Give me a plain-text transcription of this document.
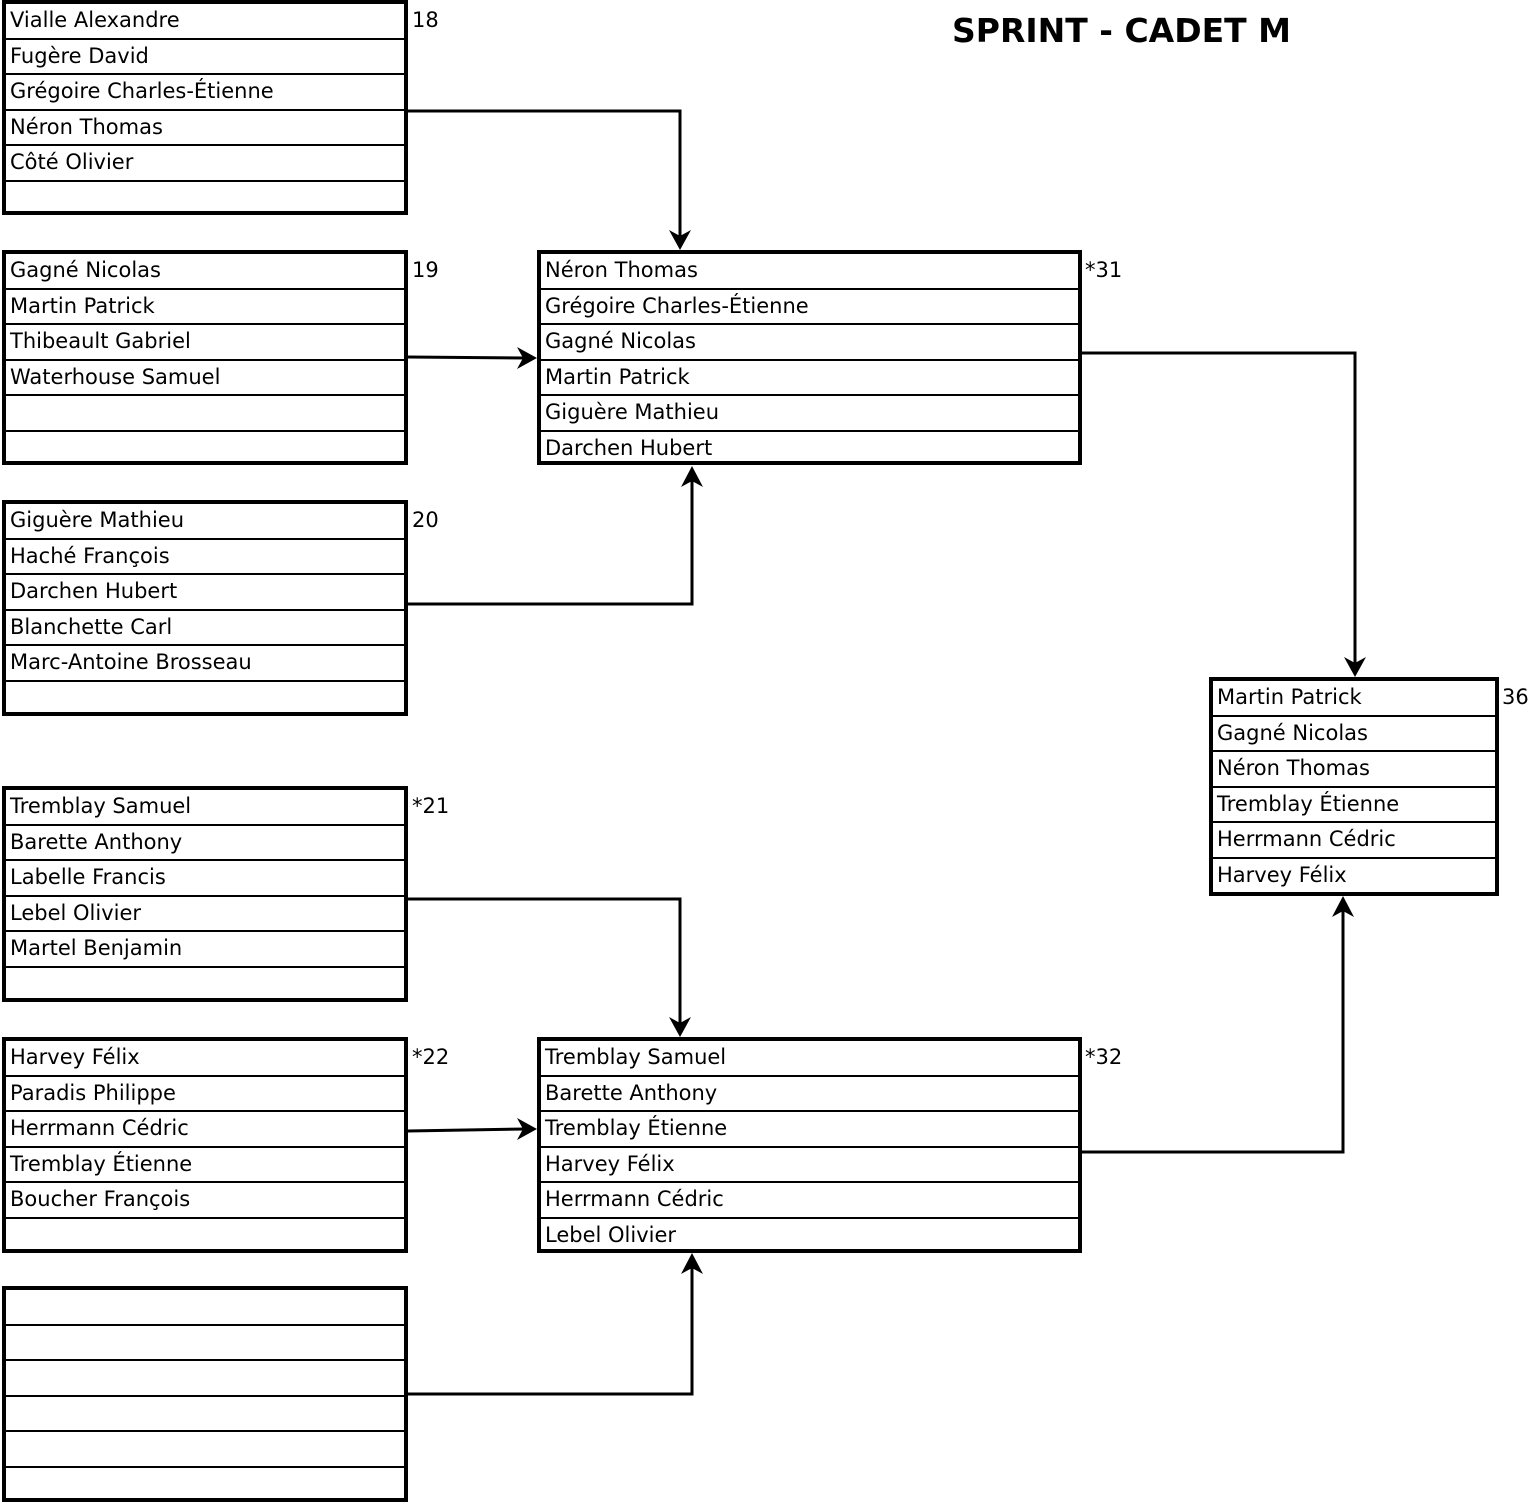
SPRINT - CADET M
Vialle Alexandre
Fugère David
Grégoire Charles-Étienne
Néron Thomas
Côté Olivier
18
Gagné Nicolas
Martin Patrick
Thibeault Gabriel
Waterhouse Samuel
19
Giguère Mathieu
Haché François
Darchen Hubert
Blanchette Carl
Marc-Antoine Brosseau
20
Tremblay Samuel
Barette Anthony
Labelle Francis
Lebel Olivier
Martel Benjamin
*21
Harvey Félix
Paradis Philippe
Herrmann Cédric
Tremblay Étienne
Boucher François
*22
Néron Thomas
Grégoire Charles-Étienne
Gagné Nicolas
Martin Patrick
Giguère Mathieu
Darchen Hubert
*31
Tremblay Samuel
Barette Anthony
Tremblay Étienne
Harvey Félix
Herrmann Cédric
Lebel Olivier
*32
Martin Patrick
Gagné Nicolas
Néron Thomas
Tremblay Étienne
Herrmann Cédric
Harvey Félix
36
